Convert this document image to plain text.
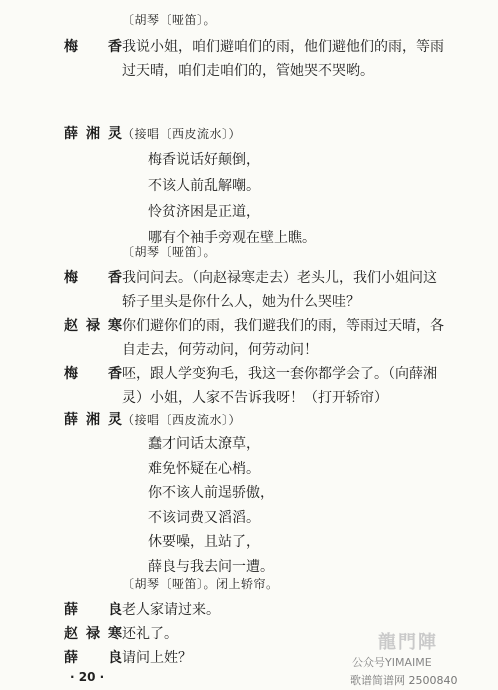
〔胡琴〔哑笛〕。
梅　香 我说小姐，咱们避咱们的雨，他们避他们的雨，等雨
过天晴，咱们走咱们的，管她哭不哭哟。
薛湘灵 （接唱〔西皮流水〕）
梅香说话好颠倒，
不该人前乱解嘲。
怜贫济困是正道，
哪有个袖手旁观在壁上瞧。
〔胡琴〔哑笛〕。
梅　香 我问问去。（向赵禄寒走去）老头儿，我们小姐问这
轿子里头是你什么人，她为什么哭哇？
赵禄寒 你们避你们的雨，我们避我们的雨，等雨过天晴，各
自走去，何劳动问，何劳动问！
梅　香 呸，跟人学变狗毛，我这一套你都学会了。（向薛湘
灵）小姐，人家不告诉我呀！（打开轿帘）
薛湘灵 （接唱〔西皮流水〕）
蠢才问话太潦草，
难免怀疑在心梢。
你不该人前逞骄傲，
不该词费又滔滔。
休要噪，且站了，
薛良与我去问一遭。
〔胡琴〔哑笛〕。闭上轿帘。
薛　良 老人家请过来。
赵禄寒 还礼了。
薛　良 请问上姓？
· 20 ·
龍門陣
公众号YIMAIME
歌谱简谱网 2500840
